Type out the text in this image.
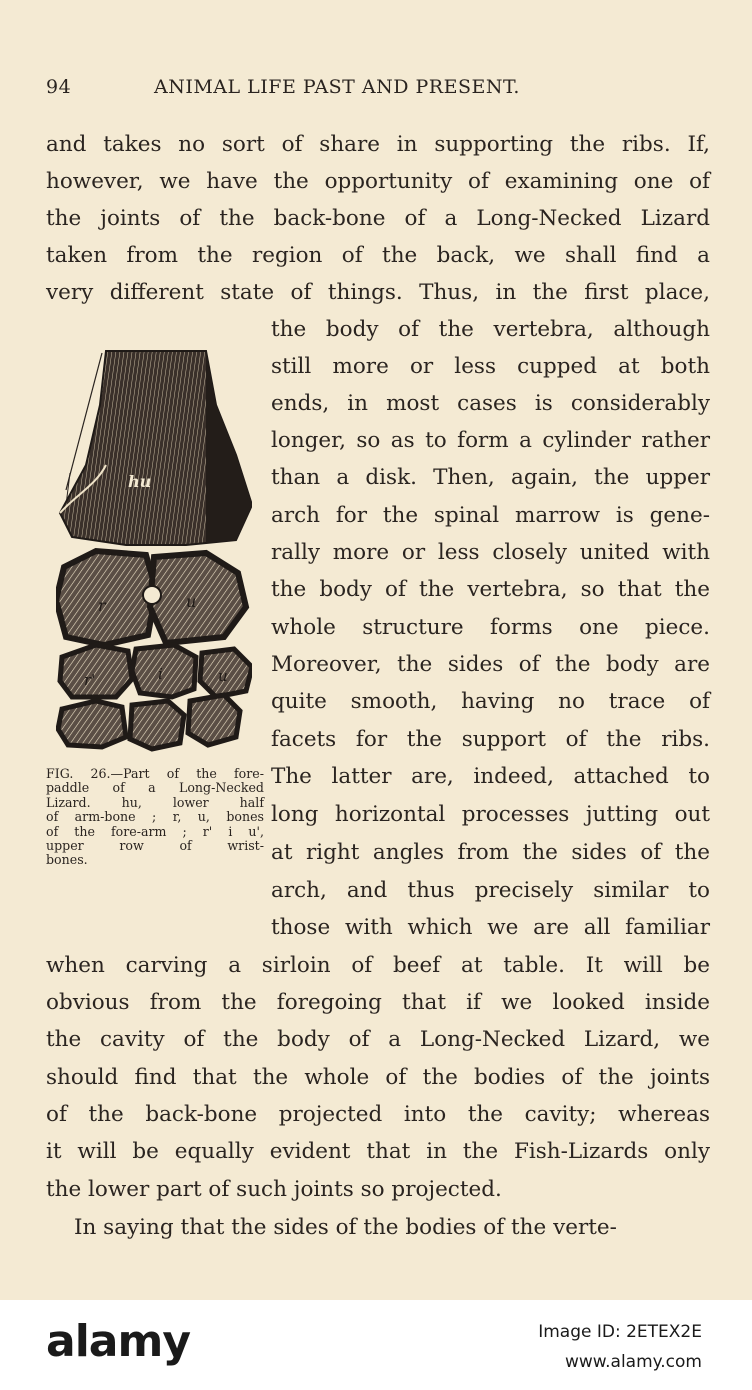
94	ANIMAL LIFE PAST AND PRESENT.
and takes no sort of share in supporting the ribs. If,
however, we have the opportunity of examining one of
the joints of the back-bone of a Long-Necked Lizard
taken from the region of the back, we shall find a
very different state of things. Thus, in the first place,
the body of the vertebra, although
still more or less cupped at both
ends, in most cases is considerably
longer, so as to form a cylinder rather
than a disk. Then, again, the upper
arch for the spinal marrow is gene-
rally more or less closely united with
the body of the vertebra, so that the
whole structure forms one piece.
Moreover, the sides of the body are
quite smooth, having no trace of
facets for the support of the ribs.
The latter are, indeed, attached to
long horizontal processes jutting out
at right angles from the sides of the
arch, and thus precisely similar to
those with which we are all familiar
when carving a sirloin of beef at table. It will be
obvious from the foregoing that if we looked inside
the cavity of the body of a Long-Necked Lizard, we
should find that the whole of the bodies of the joints
of the back-bone projected into the cavity; whereas
it will be equally evident that in the Fish-Lizards only
the lower part of such joints so projected.
In saying that the sides of the bodies of the verte-
hu
r	u
r'	i	u
FIG. 26.—Part of the fore-
paddle of a Long-Necked
Lizard. hu, lower half
of arm-bone ; r, u, bones
of the fore-arm ; r' i u',
upper row of wrist-
bones.
alamy	Image ID: 2ETEX2E
www.alamy.com
